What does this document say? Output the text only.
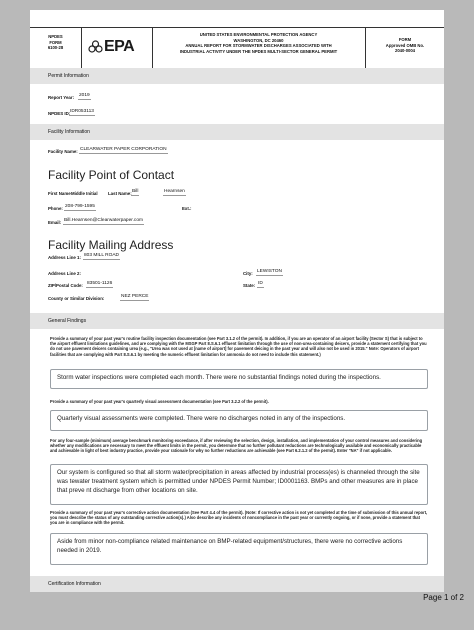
NPDES
FORM
6100-28	EPA
UNITED STATES ENVIRONMENTAL PROTECTION AGENCY
WASHINGTON, DC 20460
ANNUAL REPORT FOR STORMWATER DISCHARGES ASSOCIATED WITH
INDUSTRIAL ACTIVITY UNDER THE NPDES MULTI-SECTOR GENERAL PERMIT
FORM
Approved OMB No.
2040-0004
Permit Information
Report Year: 2019
NPDES ID: IDR053113
Facility Information
Facility Name: CLEARWATER PAPER CORPORATION
Facility Point of Contact
First Name Middle Initial Last Name: Bill	Hearnsen
Phone: 208-799-1595	Ext.:
Email: Bill.Hearnsen@Clearwaterpaper.com
Facility Mailing Address
Address Line 1: 803 MILL ROAD
Address Line 2:	City: LEWISTON
ZIP/Postal Code: 83501-1126	State: ID
County or Similar Division:	NEZ PERCE
General Findings
Provide a summary of your past year's routine facility inspection documentation (see Part 3.1.2 of the permit). In addition, if you are an operator of an airport facility (Sector S) that is subject to the airport effluent limitations guidelines, and are complying with the MSGP Part 8.S.6.1 effluent limitation through the use of non-urea-containing deicers, provide a statement certifying that you do not use pavement deicers containing urea (e.g., "Urea was not used at [name of airport] for pavement deicing in the past year and will also not be used in 2015." Note: Operators of airport facilities that are complying with Part 8.S.6.1 by meeting the numeric effluent limitation for ammonia do not need to include this statement.)
Storm water inspections were completed each month. There were no substantial findings noted during the inspections.
Provide a summary of your past year's quarterly visual assessment documentation (see Part 3.2.2 of the permit).
Quarterly visual assessments were completed. There were no discharges noted in any of the inspections.
For any four-sample (minimum) average benchmark monitoring exceedance, if after reviewing the selection, design, installation, and implementation of your control measures and considering whether any modifications are necessary to meet the effluent limits in the permit, you determine that no further pollutant reductions are technologically available and economically practicable and achievable in light of best industry practice, provide your rationale for why no further reductions are achievable (see Part 6.2.1.2 of the permit). Enter "NA" if not applicable.
Our system is configured so that all storm water/precipitation in areas affected by industrial process(es) is channeled through the site was tewater treatment system which is permitted under NPDES Permit Number; ID0001163. BMPs and other measures are in place that preve nt discharge from other locations on site.
Provide a summary of your past year's corrective action documentation (See Part 4.4 of the permit). (Note: If corrective action is not yet completed at the time of submission of this annual report, you must describe the status of any outstanding corrective action(s).) Also describe any incidents of noncompliance in the past year or currently ongoing, or if none, provide a statement that you are in compliance with the permit.
Aside from minor non-compliance related maintenance on BMP-related equipment/structures, there were no corrective actions needed in 2019.
Certification Information
Page 1 of 2
